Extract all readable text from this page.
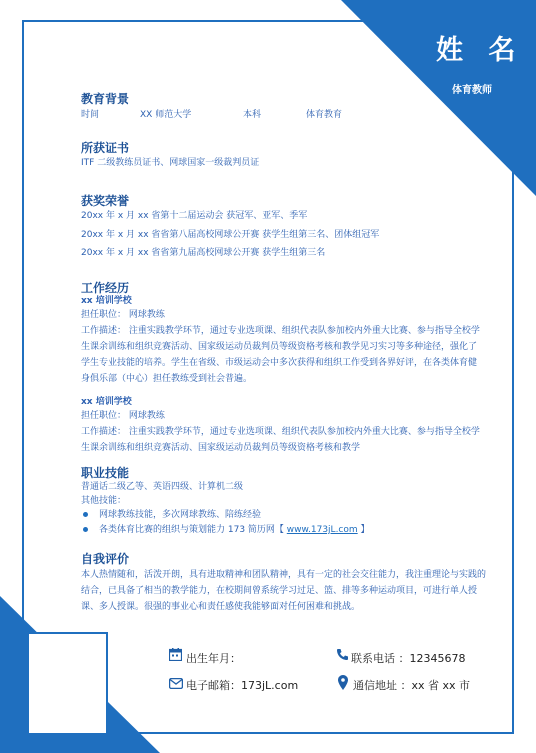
姓 名
体育教师
教育背景
时间	XX 师范大学	本科	体育教育
所获证书
ITF 二级教练员证书、网球国家一级裁判员证
获奖荣誉
20xx 年 x 月 xx 省第十二届运动会 获冠军、亚军、季军
20xx 年 x 月 xx 省省第八届高校网球公开赛 获学生组第三名、团体组冠军
20xx 年 x 月 xx 省省第九届高校网球公开赛 获学生组第三名
工作经历
xx 培训学校
担任职位： 网球教练
工作描述： 注重实践教学环节，通过专业选项课、组织代表队参加校内外重大比赛、参与指导全校学生课余训练和组织竞赛活动、国家级运动员裁判员等级资格考核和教学见习实习等多种途径，强化了学生专业技能的培养。学生在省级、市级运动会中多次获得和组织工作受到各界好评，在各类体育健身俱乐部（中心）担任教练受到社会普遍。
xx 培训学校
担任职位： 网球教练
工作描述： 注重实践教学环节，通过专业选项课、组织代表队参加校内外重大比赛、参与指导全校学生课余训练和组织竞赛活动、国家级运动员裁判员等级资格考核和教学
职业技能
普通话二级乙等、英语四级、计算机二级
其他技能：
网球教练技能，多次网球教练、陪练经验
各类体育比赛的组织与策划能力 173 简历网【 www.173jL.com 】
自我评价
本人热情随和，活泼开朗，具有进取精神和团队精神，具有一定的社会交往能力，我注重理论与实践的结合，已具备了相当的教学能力，在校期间曾系统学习过足、篮、排等多种运动项目，可进行单人授课、多人授课。很强的事业心和责任感使我能够面对任何困难和挑战。
出生年月：	联系电话 ：12345678
电子邮箱：173jL.com	通信地址 ：xx 省 xx 市
